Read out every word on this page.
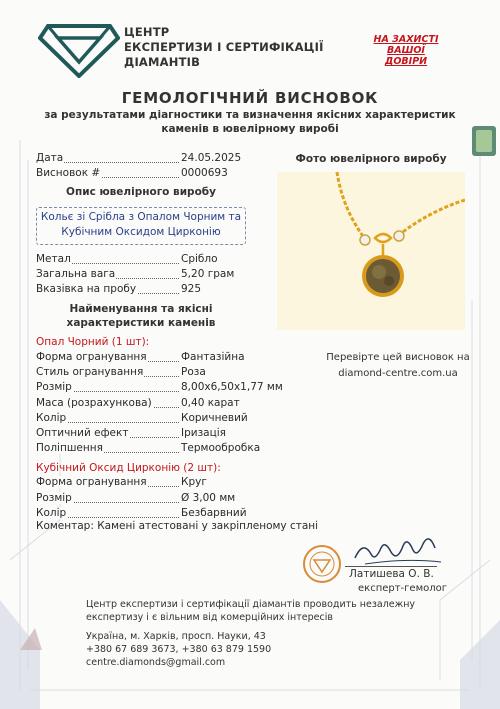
ЦЕНТР
ЕКСПЕРТИЗИ І СЕРТИФІКАЦІЇ
ДІАМАНТІВ
НА ЗАХИСТІ
ВАШОЇ
ДОВІРИ
ГЕМОЛОГІЧНИЙ ВИСНОВОК
за результатами діагностики та визначення якісних характеристик
каменів в ювелірному виробі
Дата	24.05.2025
Висновок #	0000693
Опис ювелірного виробу
Кольє зі Срібла з Опалом Чорним та
Кубічним Оксидом Цирконію
Метал	Срібло
Загальна вага	5,20 грам
Вказівка на пробу	925
Найменування та якісні
характеристики каменів
Опал Чорний (1 шт):
Форма огранування	Фантазійна
Стиль огранування	Роза
Розмір	8,00х6,50х1,77 мм
Маса (розрахункова)	0,40 карат
Колір	Коричневий
Оптичний ефект	Іризація
Поліпшення	Термообробка
Кубічний Оксид Цирконію (2 шт):
Форма огранування	Круг
Розмір	Ø 3,00 мм
Колір	Безбарвний
Коментар: Камені атестовані у закріпленому стані
Фото ювелірного виробу
Перевірте цей висновок на
diamond-centre.com.ua
Латишева О. В.
експерт-гемолог
Центр експертизи і сертифікації діамантів проводить незалежну
експертизу і є вільним від комерційних інтересів
Україна, м. Харків, просп. Науки, 43
+380 67 689 3673, +380 63 879 1590
centre.diamonds@gmail.com
